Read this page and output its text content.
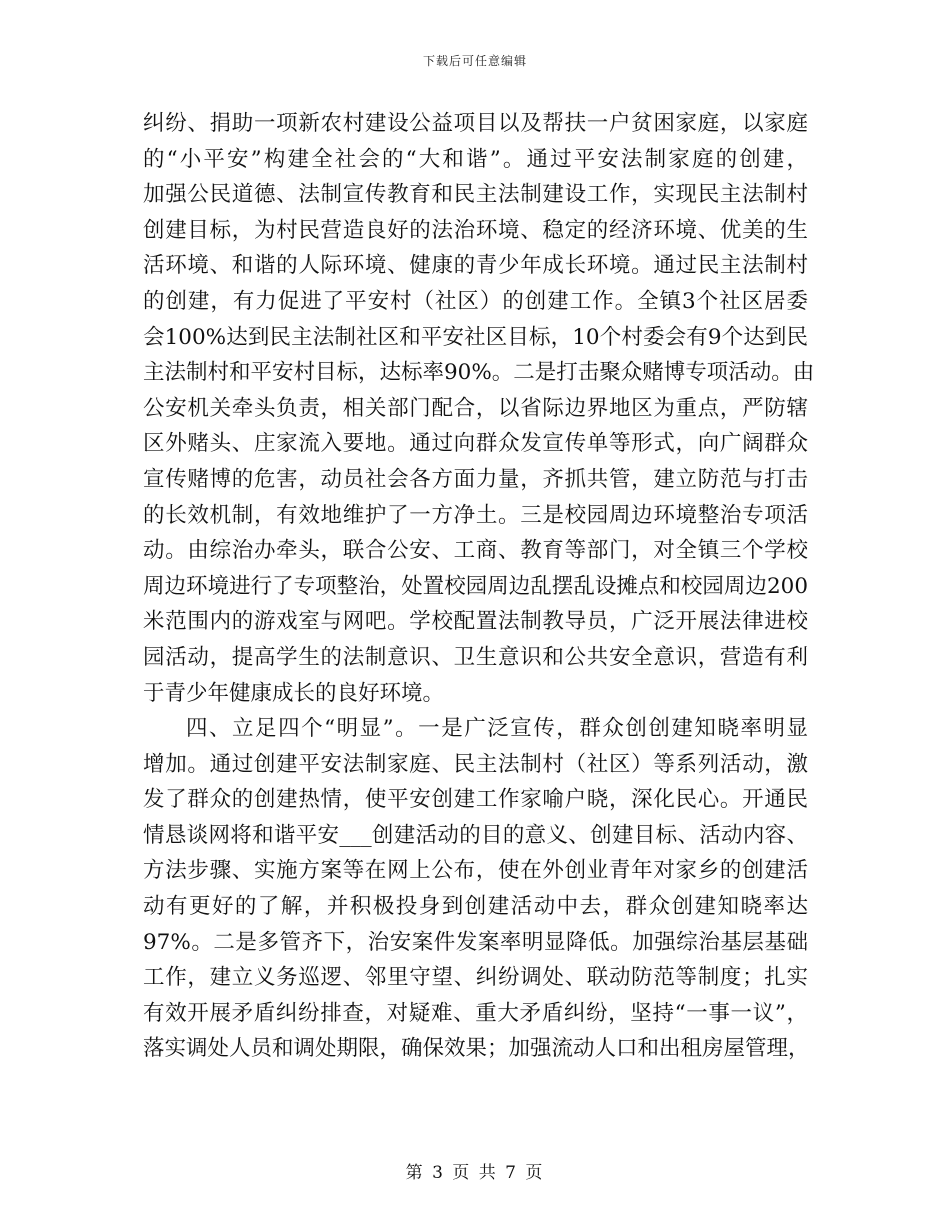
下载后可任意编辑
纠纷、捐助一项新农村建设公益项目以及帮扶一户贫困家庭，以家庭
的“小平安”构建全社会的“大和谐”。通过平安法制家庭的创建，
加强公民道德、法制宣传教育和民主法制建设工作，实现民主法制村
创建目标，为村民营造良好的法治环境、稳定的经济环境、优美的生
活环境、和谐的人际环境、健康的青少年成长环境。通过民主法制村
的创建，有力促进了平安村（社区）的创建工作。全镇3个社区居委
会100%达到民主法制社区和平安社区目标，10个村委会有9个达到民
主法制村和平安村目标，达标率90%。二是打击聚众赌博专项活动。由
公安机关牵头负责，相关部门配合，以省际边界地区为重点，严防辖
区外赌头、庄家流入要地。通过向群众发宣传单等形式，向广阔群众
宣传赌博的危害，动员社会各方面力量，齐抓共管，建立防范与打击
的长效机制，有效地维护了一方净土。三是校园周边环境整治专项活
动。由综治办牵头，联合公安、工商、教育等部门，对全镇三个学校
周边环境进行了专项整治，处置校园周边乱摆乱设摊点和校园周边200
米范围内的游戏室与网吧。学校配置法制教导员，广泛开展法律进校
园活动，提高学生的法制意识、卫生意识和公共安全意识，营造有利
于青少年健康成长的良好环境。
四、立足四个“明显”。一是广泛宣传，群众创创建知晓率明显
增加。通过创建平安法制家庭、民主法制村（社区）等系列活动，激
发了群众的创建热情，使平安创建工作家喻户晓，深化民心。开通民
情恳谈网将和谐平安___创建活动的目的意义、创建目标、活动内容、
方法步骤、实施方案等在网上公布，使在外创业青年对家乡的创建活
动有更好的了解，并积极投身到创建活动中去，群众创建知晓率达
97%。二是多管齐下，治安案件发案率明显降低。加强综治基层基础
工作，建立义务巡逻、邻里守望、纠纷调处、联动防范等制度；扎实
有效开展矛盾纠纷排查，对疑难、重大矛盾纠纷，坚持“一事一议”，
落实调处人员和调处期限，确保效果；加强流动人口和出租房屋管理，
第 3 页 共 7 页
